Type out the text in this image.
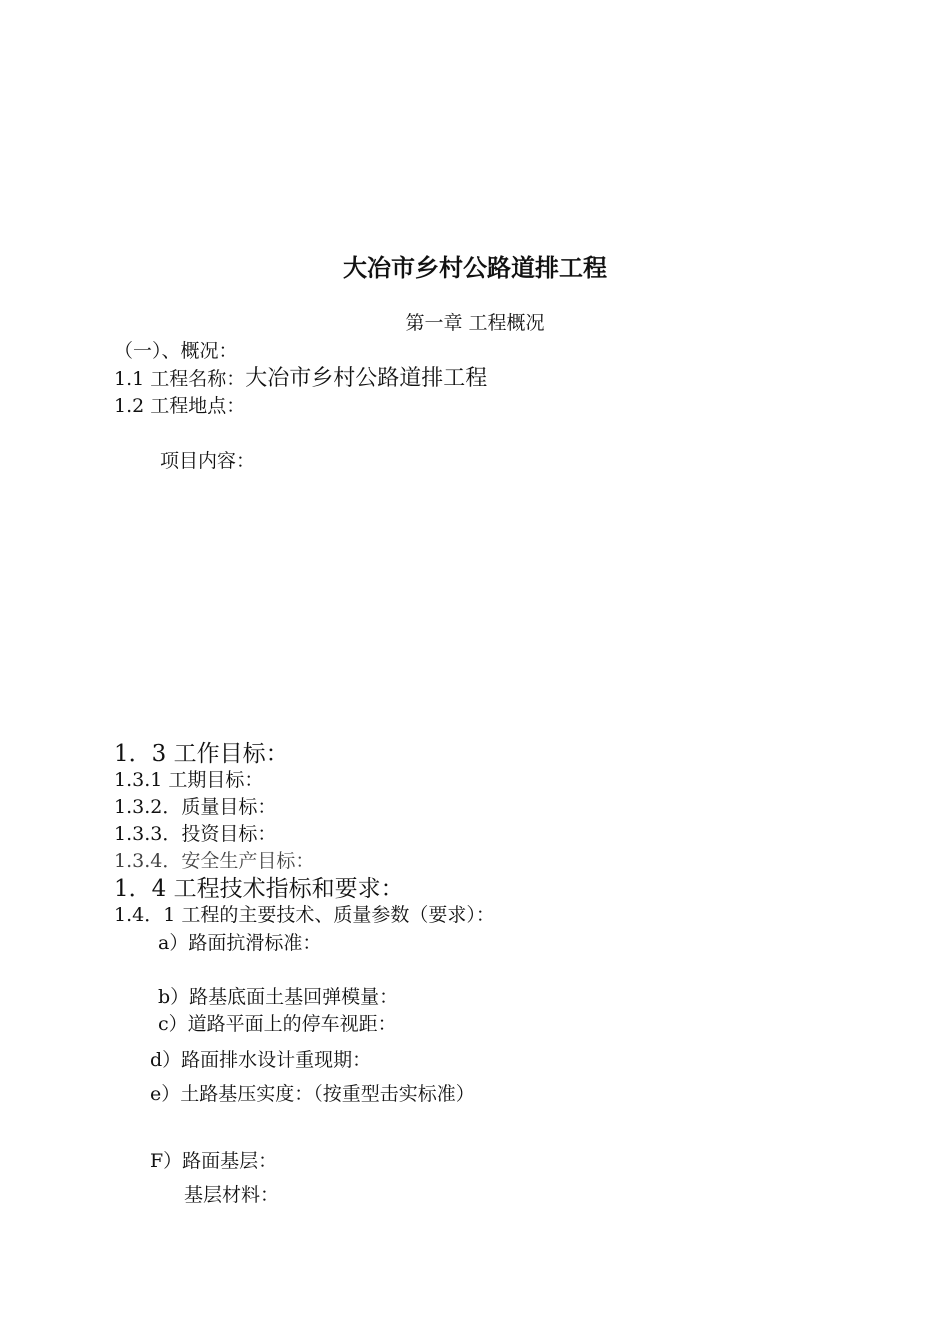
大冶市乡村公路道排工程
第一章 工程概况
（一）、概况：
1.1 工程名称：大冶市乡村公路道排工程
1.2 工程地点：
项目内容：
1．3 工作目标：
1.3.1 工期目标：
1.3.2．质量目标：
1.3.3．投资目标：
1.3.4．安全生产目标：
1．4 工程技术指标和要求：
1.4．1 工程的主要技术、质量参数（要求）：
a）路面抗滑标准：
b）路基底面土基回弹模量：
c）道路平面上的停车视距：
d）路面排水设计重现期：
e）土路基压实度：（按重型击实标准）
F）路面基层：
基层材料：
